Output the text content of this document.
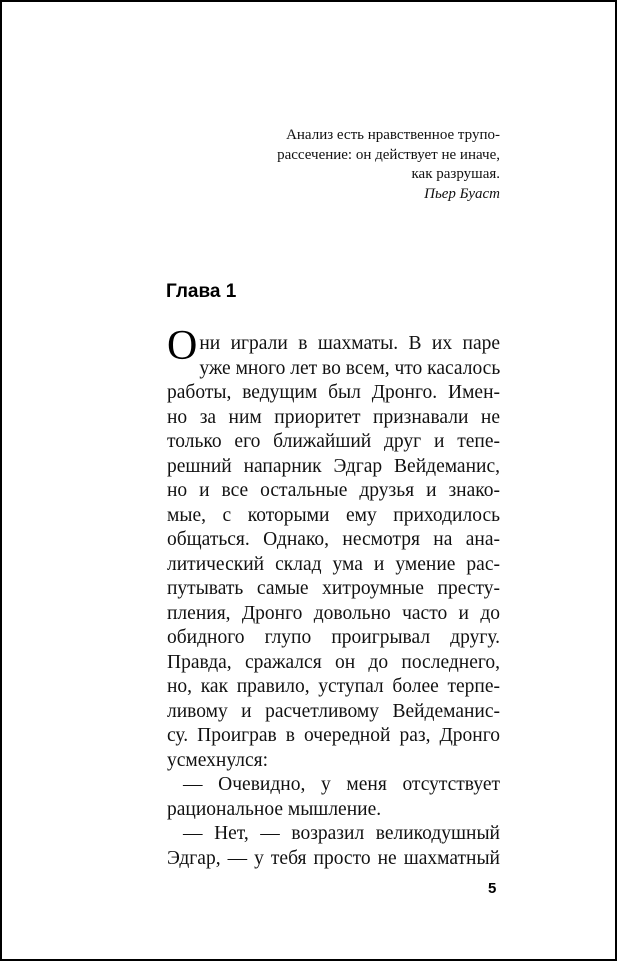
Анализ есть нравственное трупо-
рассечение: он действует не иначе,
как разрушая.
Пьер Буаст
Глава 1
Они играли в шахматы. В их паре
уже много лет во всем, что касалось
работы, ведущим был Дронго. Имен-
но за ним приоритет признавали не
только его ближайший друг и тепе-
решний напарник Эдгар Вейдеманис,
но и все остальные друзья и знако-
мые, с которыми ему приходилось
общаться. Однако, несмотря на ана-
литический склад ума и умение рас-
путывать самые хитроумные престу-
пления, Дронго довольно часто и до
обидного глупо проигрывал другу.
Правда, сражался он до последнего,
но, как правило, уступал более терпе-
ливому и расчетливому Вейдеманис-
су. Проиграв в очередной раз, Дронго
усмехнулся:
— Очевидно, у меня отсутствует
рациональное мышление.
— Нет, — возразил великодушный
Эдгар, — у тебя просто не шахматный
5
